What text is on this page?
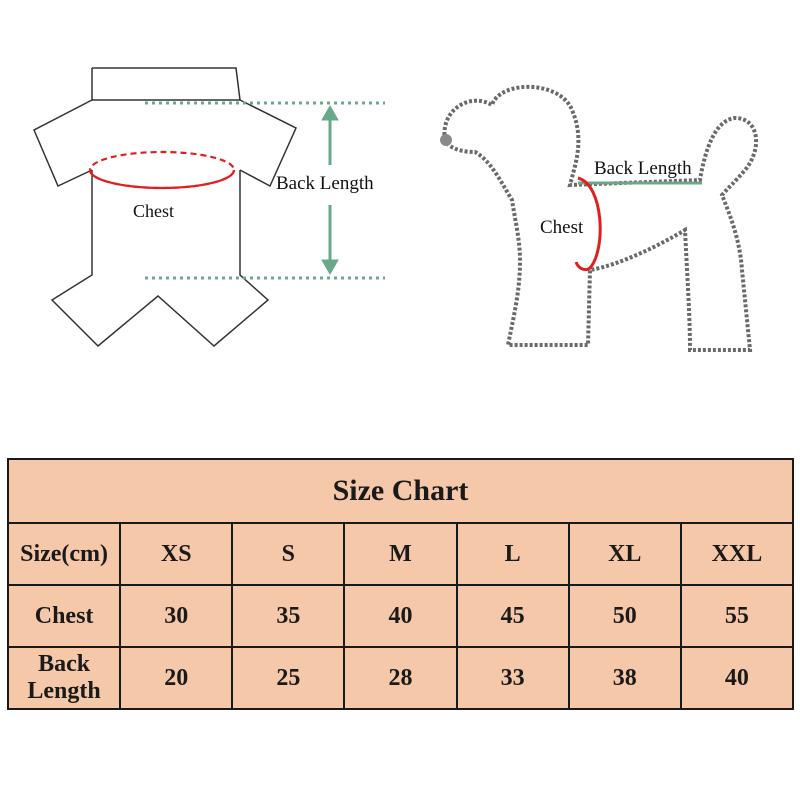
Chest
Back Length
Back Length
Chest
Size Chart						
Size(cm)	XS	S	M	L	XL	XXL
Chest	30	35	40	45	50	55
Back Length	20	25	28	33	38	40
